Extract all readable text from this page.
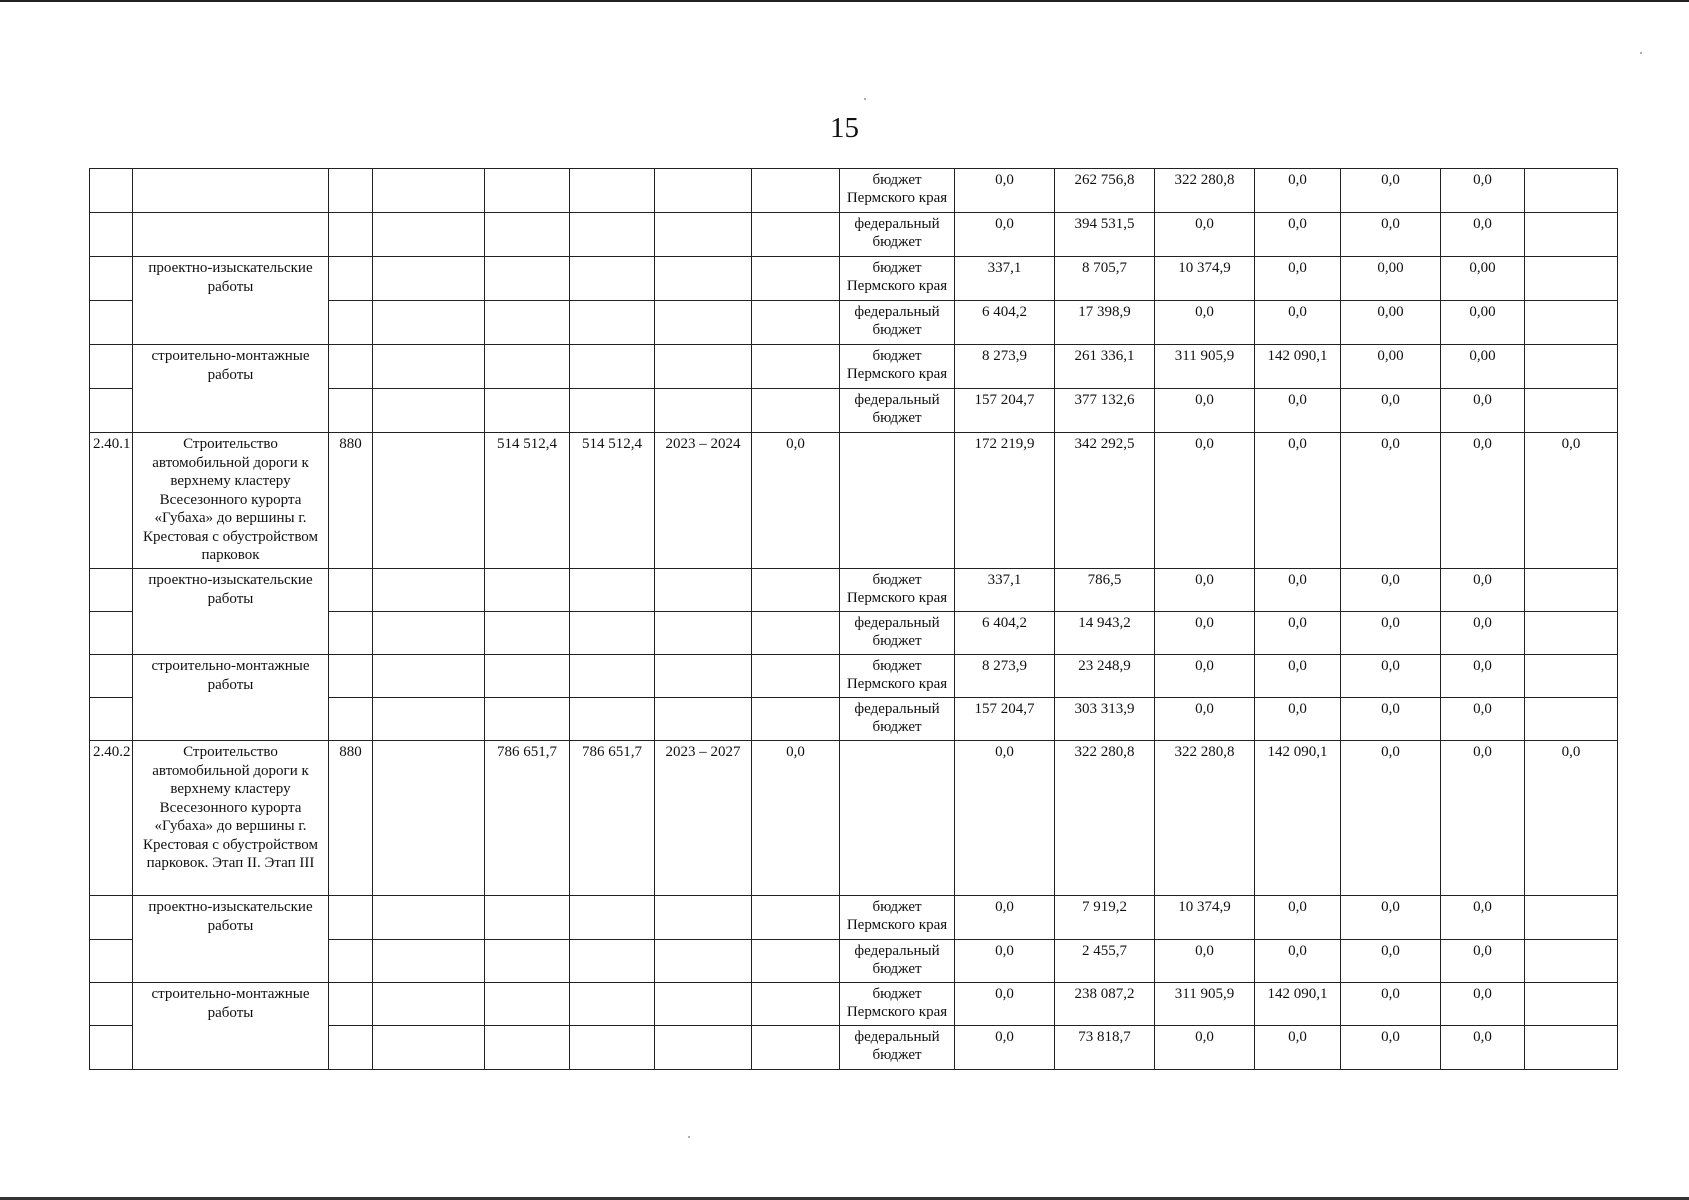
15
								бюджет Пермского края	0,0	262 756,8	322 280,8	0,0	0,0	0,0	
								федеральный бюджет	0,0	394 531,5	0,0	0,0	0,0	0,0	
	проектно-изыскательские работы							бюджет Пермского края	337,1	8 705,7	10 374,9	0,0	0,00	0,00	
								федеральный бюджет	6 404,2	17 398,9	0,0	0,0	0,00	0,00	
	строительно-монтажные работы							бюджет Пермского края	8 273,9	261 336,1	311 905,9	142 090,1	0,00	0,00	
								федеральный бюджет	157 204,7	377 132,6	0,0	0,0	0,0	0,0	
2.40.1	Строительство автомобильной дороги к верхнему кластеру Всесезонного курорта «Губаха» до вершины г. Крестовая с обустройством парковок	880		514 512,4	514 512,4	2023 – 2024	0,0		172 219,9	342 292,5	0,0	0,0	0,0	0,0	0,0
	проектно-изыскательские работы							бюджет Пермского края	337,1	786,5	0,0	0,0	0,0	0,0	
								федеральный бюджет	6 404,2	14 943,2	0,0	0,0	0,0	0,0	
	строительно-монтажные работы							бюджет Пермского края	8 273,9	23 248,9	0,0	0,0	0,0	0,0	
								федеральный бюджет	157 204,7	303 313,9	0,0	0,0	0,0	0,0	
2.40.2	Строительство автомобильной дороги к верхнему кластеру Всесезонного курорта «Губаха» до вершины г. Крестовая с обустройством парковок. Этап II. Этап III	880		786 651,7	786 651,7	2023 – 2027	0,0		0,0	322 280,8	322 280,8	142 090,1	0,0	0,0	0,0
	проектно-изыскательские работы							бюджет Пермского края	0,0	7 919,2	10 374,9	0,0	0,0	0,0	
								федеральный бюджет	0,0	2 455,7	0,0	0,0	0,0	0,0	
	строительно-монтажные работы							бюджет Пермского края	0,0	238 087,2	311 905,9	142 090,1	0,0	0,0	
								федеральный бюджет	0,0	73 818,7	0,0	0,0	0,0	0,0	
